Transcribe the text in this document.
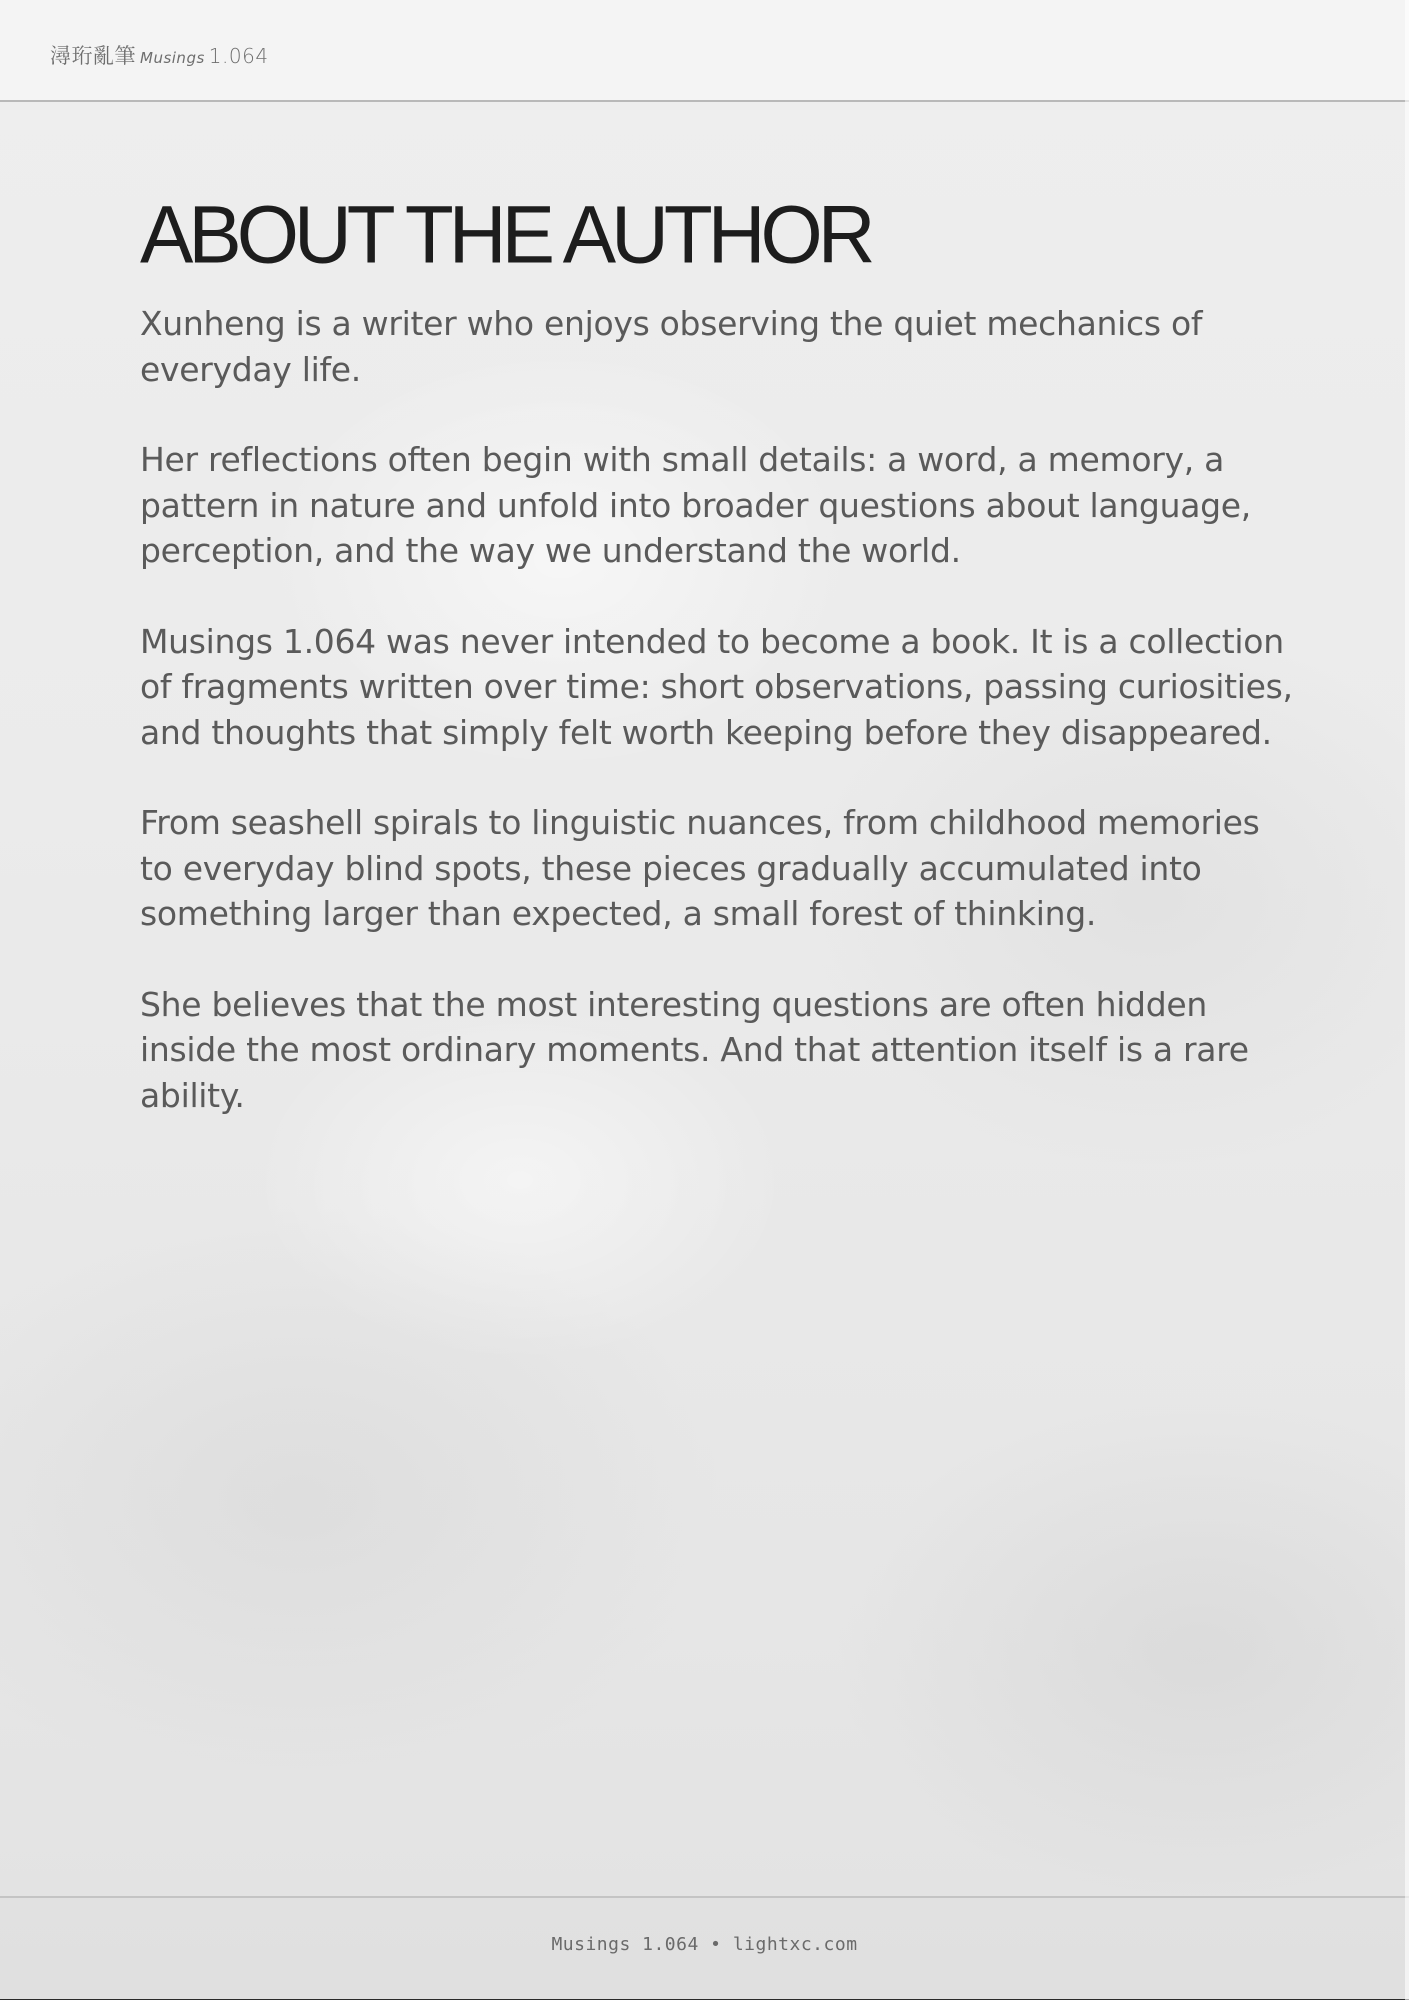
潯珩亂筆 Musings 1.064
ABOUT THE AUTHOR

Xunheng is a writer who enjoys observing the quiet mechanics of everyday life.

Her reflections often begin with small details: a word, a memory, a pattern in nature and unfold into broader questions about language, perception, and the way we understand the world.

Musings 1.064 was never intended to become a book. It is a collection of fragments written over time: short observations, passing curiosities, and thoughts that simply felt worth keeping before they disappeared.

From seashell spirals to linguistic nuances, from childhood memories to everyday blind spots, these pieces gradually accumulated into something larger than expected, a small forest of thinking.

She believes that the most interesting questions are often hidden inside the most ordinary moments. And that attention itself is a rare ability.

Musings 1.064 • lightxc.com
